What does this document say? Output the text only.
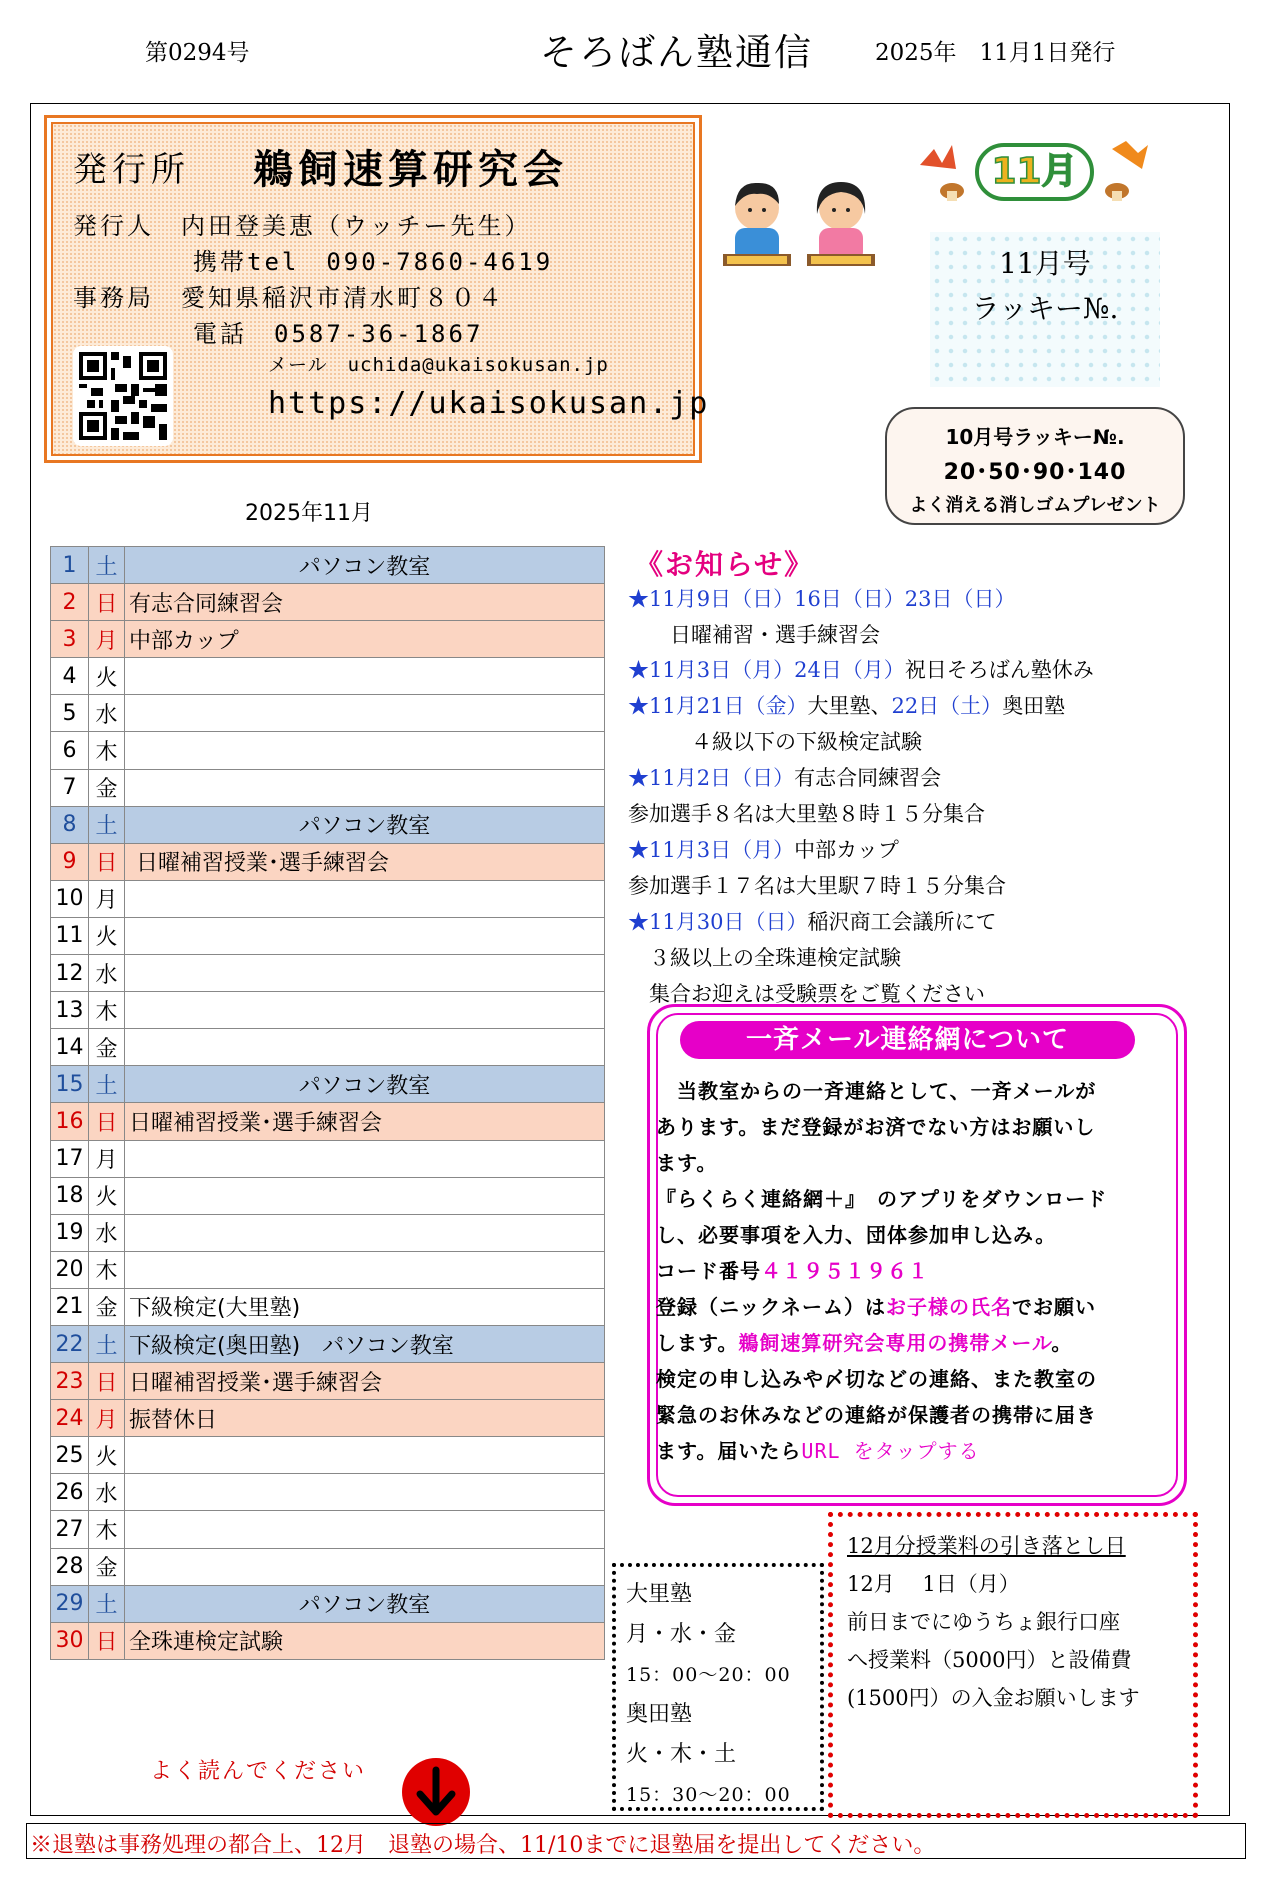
第0294号	そろばん塾通信	2025年　11月1日発行
発行所 鵜飼速算研究会
発行人　内田登美恵（ウッチー先生）
携帯tel　090-7860-4619
事務局　愛知県稲沢市清水町８０４
電話　0587-36-1867
メール　uchida@ukaisokusan.jp
https://ukaisokusan.jp
11月
11月号
ラッキー№.
10月号ラッキー№.
20･50･90･140
よく消える消しゴムプレゼント
2025年11月
1	土	パソコン教室
2	日	有志合同練習会
3	月	中部カップ
4	火	
5	水	
6	木	
7	金	
8	土	パソコン教室
9	日	日曜補習授業･選手練習会
10	月	
11	火	
12	水	
13	木	
14	金	
15	土	パソコン教室
16	日	日曜補習授業･選手練習会
17	月	
18	火	
19	水	
20	木	
21	金	下級検定(大里塾)
22	土	下級検定(奥田塾)　パソコン教室
23	日	日曜補習授業･選手練習会
24	月	振替休日
25	火	
26	水	
27	木	
28	金	
29	土	パソコン教室
30	日	全珠連検定試験
《お知らせ》
★11月9日（日）16日（日）23日（日）
　　日曜補習・選手練習会
★11月3日（月）24日（月）祝日そろばん塾休み
★11月21日（金）大里塾、22日（土）奥田塾
　　　４級以下の下級検定試験
★11月2日（日）有志合同練習会
参加選手８名は大里塾８時１５分集合
★11月3日（月）中部カップ
参加選手１７名は大里駅７時１５分集合
★11月30日（日）稲沢商工会議所にて
　３級以上の全珠連検定試験
　集合お迎えは受験票をご覧ください
一斉メール連絡網について
　当教室からの一斉連絡として、一斉メールが
あります。まだ登録がお済でない方はお願いし
ます。
『らくらく連絡網＋』　のアプリをダウンロード
し、必要事項を入力、団体参加申し込み。
コード番号４１９５１９６１
登録（ニックネーム）はお子様の氏名でお願い
します。鵜飼速算研究会専用の携帯メール。
検定の申し込みや〆切などの連絡、また教室の
緊急のお休みなどの連絡が保護者の携帯に届き
ます。届いたらURL をタップする
大里塾
月・水・金
15：00～20：00
奥田塾
火・木・土
15：30～20：00
12月分授業料の引き落とし日
12月　 1日（月）
前日までにゆうちょ銀行口座
へ授業料（5000円）と設備費
(1500円）の入金お願いします
よく読んでください
※退塾は事務処理の都合上、12月　退塾の場合、11/10までに退塾届を提出してください。
